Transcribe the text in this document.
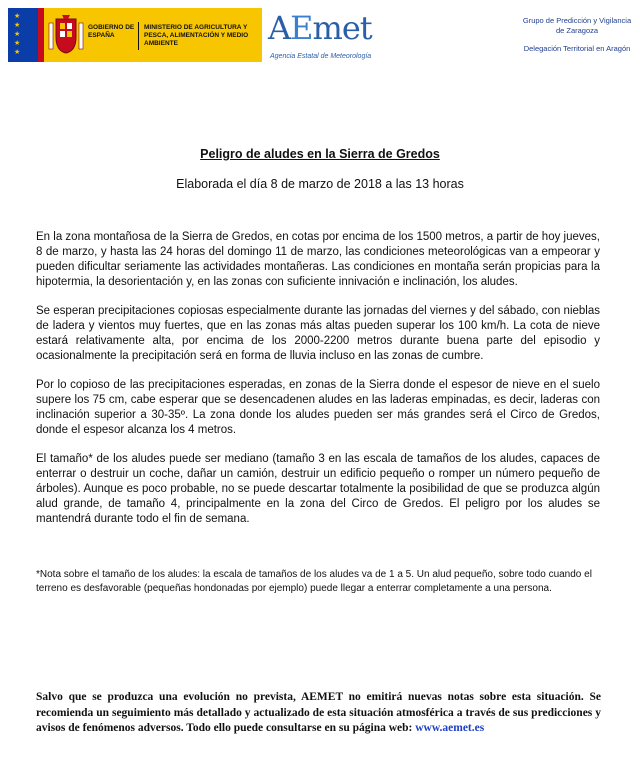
★
★
★
★
★
GOBIERNO DE ESPAÑA
MINISTERIO DE AGRICULTURA Y PESCA, ALIMENTACIÓN Y MEDIO AMBIENTE	AEmet
Agencia Estatal de Meteorología

Grupo de Predicción y Vigilancia de Zaragoza

Delegación Territorial en Aragón

Peligro de aludes en la Sierra de Gredos
Elaborada el día 8 de marzo de 2018 a las 13 horas

En la zona montañosa de la Sierra de Gredos, en cotas por encima de los 1500 metros, a partir de hoy jueves, 8 de marzo, y hasta las 24 horas del domingo 11 de marzo, las condiciones meteorológicas van a empeorar y pueden dificultar seriamente las actividades montañeras. Las condiciones en montaña serán propicias para la hipotermia, la desorientación y, en las zonas con suficiente innivación e inclinación, los aludes.

Se esperan precipitaciones copiosas especialmente durante las jornadas del viernes y del sábado, con nieblas de ladera y vientos muy fuertes, que en las zonas más altas pueden superar los 100 km/h. La cota de nieve estará relativamente alta, por encima de los 2000-2200 metros durante buena parte del episodio y ocasionalmente la precipitación será en forma de lluvia incluso en las zonas de cumbre.

Por lo copioso de las precipitaciones esperadas, en zonas de la Sierra donde el espesor de nieve en el suelo supere los 75 cm, cabe esperar que se desencadenen aludes en las laderas empinadas, es decir, laderas con inclinación superior a 30-35º. La zona donde los aludes pueden ser más grandes será el Circo de Gredos, donde el espesor alcanza los 4 metros.

El tamaño* de los aludes puede ser mediano (tamaño 3 en las escala de tamaños de los aludes, capaces de enterrar o destruir un coche, dañar un camión, destruir un edificio pequeño o romper un número pequeño de árboles). Aunque es poco probable, no se puede descartar totalmente la posibilidad de que se produzca algún alud grande, de tamaño 4, principalmente en la zona del Circo de Gredos. El peligro por los aludes se mantendrá durante todo el fin de semana.

*Nota sobre el tamaño de los aludes: la escala de tamaños de los aludes va de 1 a 5. Un alud pequeño, sobre todo cuando el terreno es desfavorable (pequeñas hondonadas por ejemplo) puede llegar a enterrar completamente a una persona.
Salvo que se produzca una evolución no prevista, AEMET no emitirá nuevas notas sobre esta situación. Se recomienda un seguimiento más detallado y actualizado de esta situación atmosférica a través de sus predicciones y avisos de fenómenos adversos. Todo ello puede consultarse en su página web: www.aemet.es
